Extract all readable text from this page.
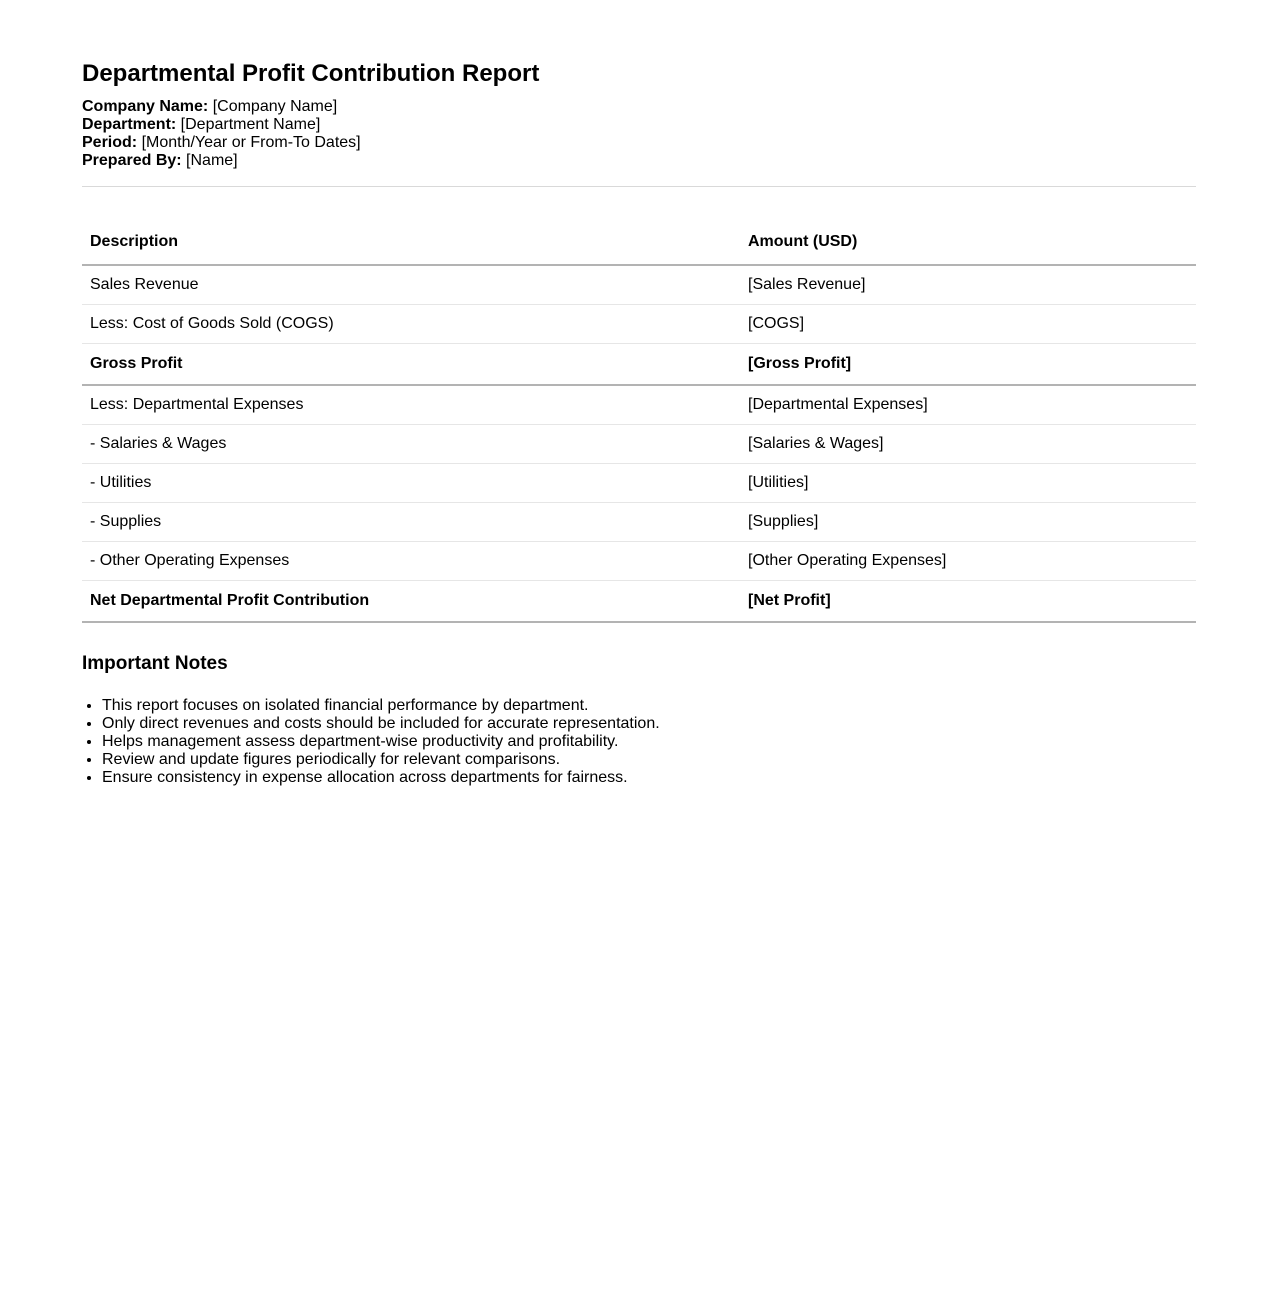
Departmental Profit Contribution Report
Company Name: [Company Name]
Department: [Department Name]
Period: [Month/Year or From-To Dates]
Prepared By: [Name]
Description	Amount (USD)
Sales Revenue	[Sales Revenue]
Less: Cost of Goods Sold (COGS)	[COGS]
Gross Profit	[Gross Profit]
Less: Departmental Expenses	[Departmental Expenses]
- Salaries & Wages	[Salaries & Wages]
- Utilities	[Utilities]
- Supplies	[Supplies]
- Other Operating Expenses	[Other Operating Expenses]
Net Departmental Profit Contribution	[Net Profit]
Important Notes
• This report focuses on isolated financial performance by department.
• Only direct revenues and costs should be included for accurate representation.
• Helps management assess department-wise productivity and profitability.
• Review and update figures periodically for relevant comparisons.
• Ensure consistency in expense allocation across departments for fairness.
